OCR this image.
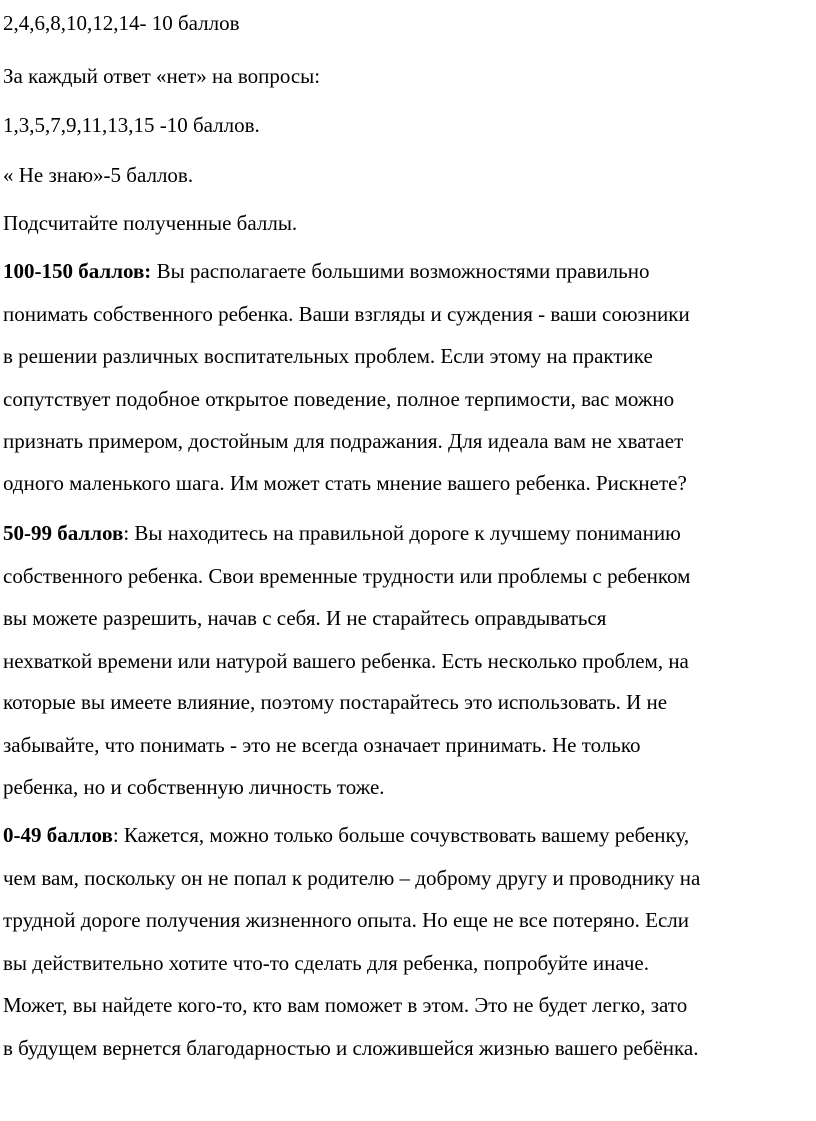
2,4,6,8,10,12,14- 10 баллов
За каждый ответ «нет» на вопросы:
1,3,5,7,9,11,13,15 -10 баллов.
« Не знаю»-5 баллов.
Подсчитайте полученные баллы.
100-150 баллов: Вы располагаете большими возможностями правильно
понимать собственного ребенка. Ваши взгляды и суждения - ваши союзники
в решении различных воспитательных проблем. Если этому на практике
сопутствует подобное открытое поведение, полное терпимости, вас можно
признать примером, достойным для подражания. Для идеала вам не хватает
одного маленького шага. Им может стать мнение вашего ребенка. Рискнете?
50-99 баллов: Вы находитесь на правильной дороге к лучшему пониманию
собственного ребенка. Свои временные трудности или проблемы с ребенком
вы можете разрешить, начав с себя. И не старайтесь оправдываться
нехваткой времени или натурой вашего ребенка. Есть несколько проблем, на
которые вы имеете влияние, поэтому постарайтесь это использовать. И не
забывайте, что понимать - это не всегда означает принимать. Не только
ребенка, но и собственную личность тоже.
0-49 баллов: Кажется, можно только больше сочувствовать вашему ребенку,
чем вам, поскольку он не попал к родителю – доброму другу и проводнику на
трудной дороге получения жизненного опыта. Но еще не все потеряно. Если
вы действительно хотите что-то сделать для ребенка, попробуйте иначе.
Может, вы найдете кого-то, кто вам поможет в этом. Это не будет легко, зато
в будущем вернется благодарностью и сложившейся жизнью вашего ребёнка.
